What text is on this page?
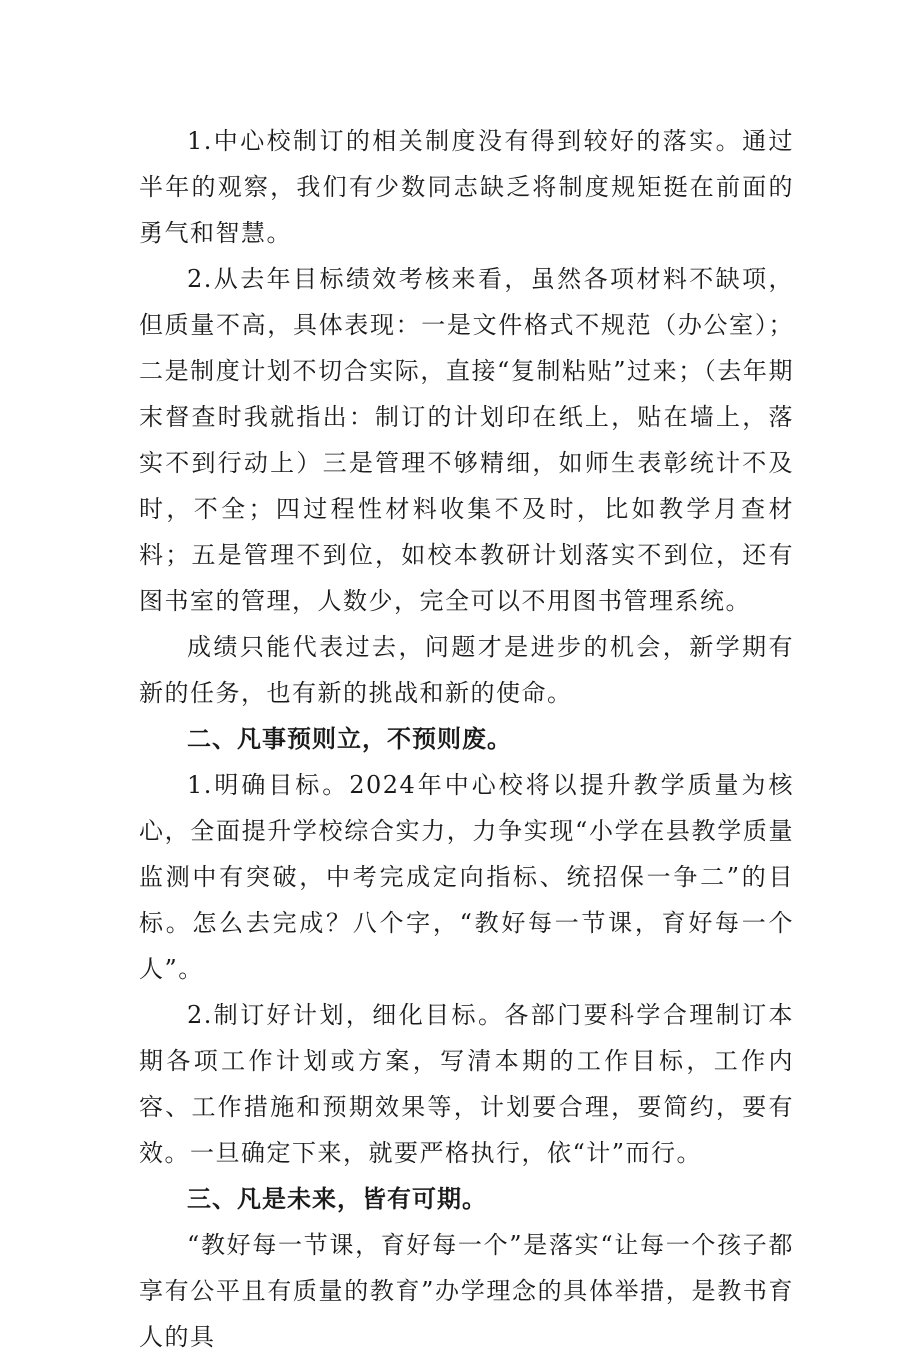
1.中心校制订的相关制度没有得到较好的落实。通过半年的观察，我们有少数同志缺乏将制度规矩挺在前面的勇气和智慧。

2.从去年目标绩效考核来看，虽然各项材料不缺项，但质量不高，具体表现：一是文件格式不规范（办公室）；二是制度计划不切合实际，直接“复制粘贴”过来；（去年期末督查时我就指出：制订的计划印在纸上，贴在墙上，落实不到行动上）三是管理不够精细，如师生表彰统计不及时，不全；四过程性材料收集不及时，比如教学月查材料；五是管理不到位，如校本教研计划落实不到位，还有图书室的管理，人数少，完全可以不用图书管理系统。

成绩只能代表过去，问题才是进步的机会，新学期有新的任务，也有新的挑战和新的使命。

二、凡事预则立，不预则废。

1.明确目标。2024年中心校将以提升教学质量为核心，全面提升学校综合实力，力争实现“小学在县教学质量监测中有突破，中考完成定向指标、统招保一争二”的目标。怎么去完成？八个字，“教好每一节课，育好每一个人”。

2.制订好计划，细化目标。各部门要科学合理制订本期各项工作计划或方案，写清本期的工作目标，工作内容、工作措施和预期效果等，计划要合理，要简约，要有效。一旦确定下来，就要严格执行，依“计”而行。

三、凡是未来，皆有可期。

“教好每一节课，育好每一个”是落实“让每一个孩子都享有公平且有质量的教育”办学理念的具体举措，是教书育人的具
